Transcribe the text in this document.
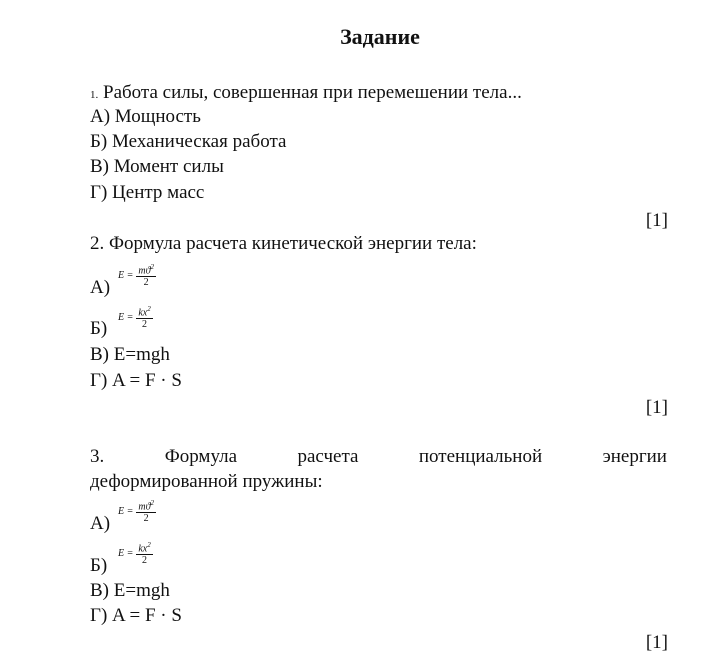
Задание
1. Работа силы, совершенная при перемешении тела...
А) Мощность
Б) Механическая работа
В) Момент силы
Г) Центр масс
[1]
2. Формула расчета кинетической энергии тела:
А)
$E = \frac{mϑ^2}{2}$
Б)
$E = \frac{kx^2}{2}$
В) E=mgh
Г) A = F · S
[1]
3.	Формула	расчета	потенциальной	энергии
деформированной пружины:
А)
$E = \frac{mϑ^2}{2}$
Б)
$E = \frac{kx^2}{2}$
В) E=mgh
Г) A = F · S
[1]
